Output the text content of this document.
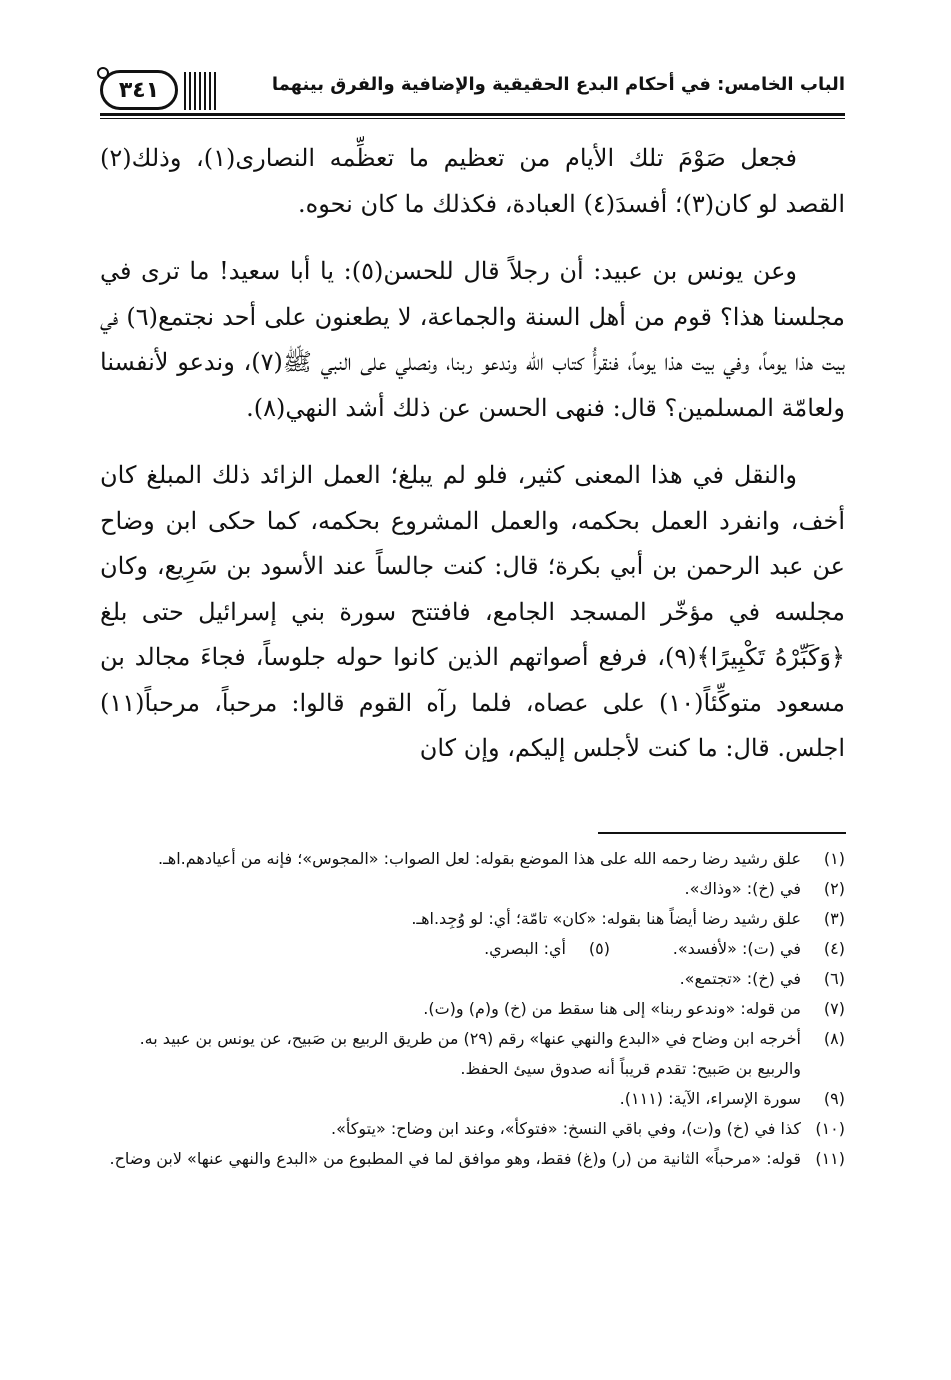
٣٤١	الباب الخامس: في أحكام البدع الحقيقية والإضافية والفرق بينهما

فجعل صَوْمَ تلك الأيام من تعظيم ما تعظِّمه النصارى(١)، وذلك(٢) القصد لو كان(٣)؛ أفسدَ(٤) العبادة، فكذلك ما كان نحوه.

وعن يونس بن عبيد: أن رجلاً قال للحسن(٥): يا أبا سعيد! ما ترى في مجلسنا هذا؟ قوم من أهل السنة والجماعة، لا يطعنون على أحد نجتمع(٦) في بيت هذا يوماً، وفي بيت هذا يوماً، فنقرأُ كتاب الله وندعو ربنا، ونصلي على النبي ﷺ(٧)، وندعو لأنفسنا ولعامّة المسلمين؟ قال: فنهى الحسن عن ذلك أشد النهي(٨).

والنقل في هذا المعنى كثير، فلو لم يبلغ؛ العمل الزائد ذلك المبلغ كان أخف، وانفرد العمل بحكمه، والعمل المشروع بحكمه، كما حكى ابن وضاح عن عبد الرحمن بن أبي بكرة؛ قال: كنت جالساً عند الأسود بن سَرِيع، وكان مجلسه في مؤخّر المسجد الجامع، فافتتح سورة بني إسرائيل حتى بلغ ﴿وَكَبِّرْهُ تَكْبِيرًا﴾(٩)، فرفع أصواتهم الذين كانوا حوله جلوساً، فجاءَ مجالد بن مسعود متوكِّئاً(١٠) على عصاه، فلما رآه القوم قالوا: مرحباً، مرحباً(١١) اجلس. قال: ما كنت لأجلس إليكم، وإن كان

(١)
علق رشيد رضا رحمه الله على هذا الموضع بقوله: لعل الصواب: «المجوس»؛ فإنه من أعيادهم.اهـ.
(٢)
في (خ): «وذاك».
(٣)
علق رشيد رضا أيضاً هنا بقوله: «كان» تامّة؛ أي: لو وُجِد.اهـ.
(٤)
في (ت): «لأفسد».
(٥)
أي: البصري.
(٦)
في (خ): «تجتمع».
(٧)
من قوله: «وندعو ربنا» إلى هنا سقط من (خ) و(م) و(ت).
(٨)
أخرجه ابن وضاح في «البدع والنهي عنها» رقم (٢٩) من طريق الربيع بن صَبيح، عن يونس بن عبيد به.
والربيع بن صَبيح: تقدم قريباً أنه صدوق سيئ الحفظ.
(٩)
سورة الإسراء، الآية: (١١١).
(١٠)
كذا في (خ) و(ت)، وفي باقي النسخ: «فتوكأ»، وعند ابن وضاح: «يتوكأ».
(١١)
قوله: «مرحباً» الثانية من (ر) و(غ) فقط، وهو موافق لما في المطبوع من «البدع والنهي عنها» لابن وضاح.
